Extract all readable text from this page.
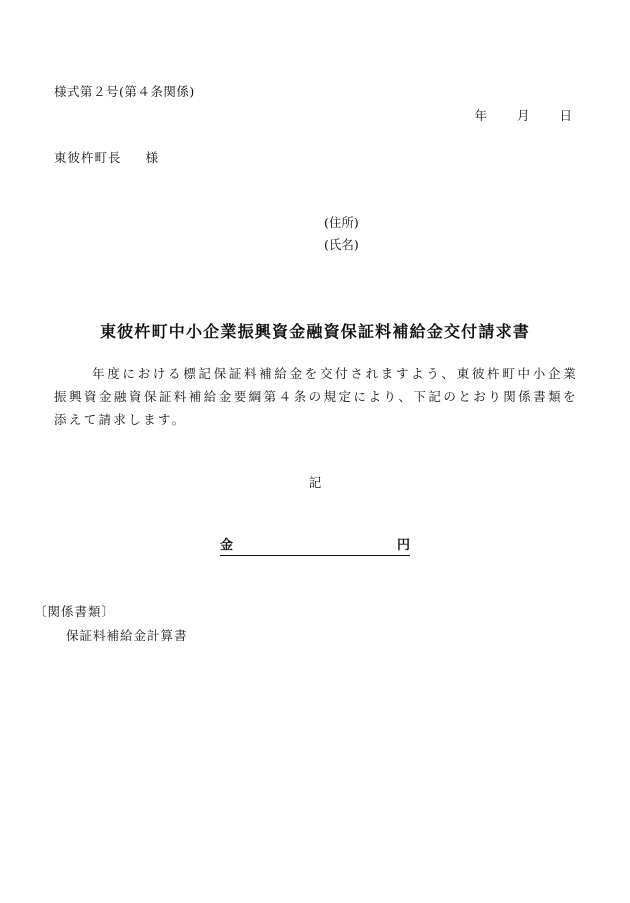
様式第２号(第４条関係)
年 月 日
東彼杵町長 様
(住所)
(氏名)
東彼杵町中小企業振興資金融資保証料補給金交付請求書
年度における標記保証料補給金を交付されますよう、東彼杵町中小企業振興資金融資保証料補給金要綱第４条の規定により、下記のとおり関係書類を添えて請求します。
記
金	円
〔関係書類〕
保証料補給金計算書
